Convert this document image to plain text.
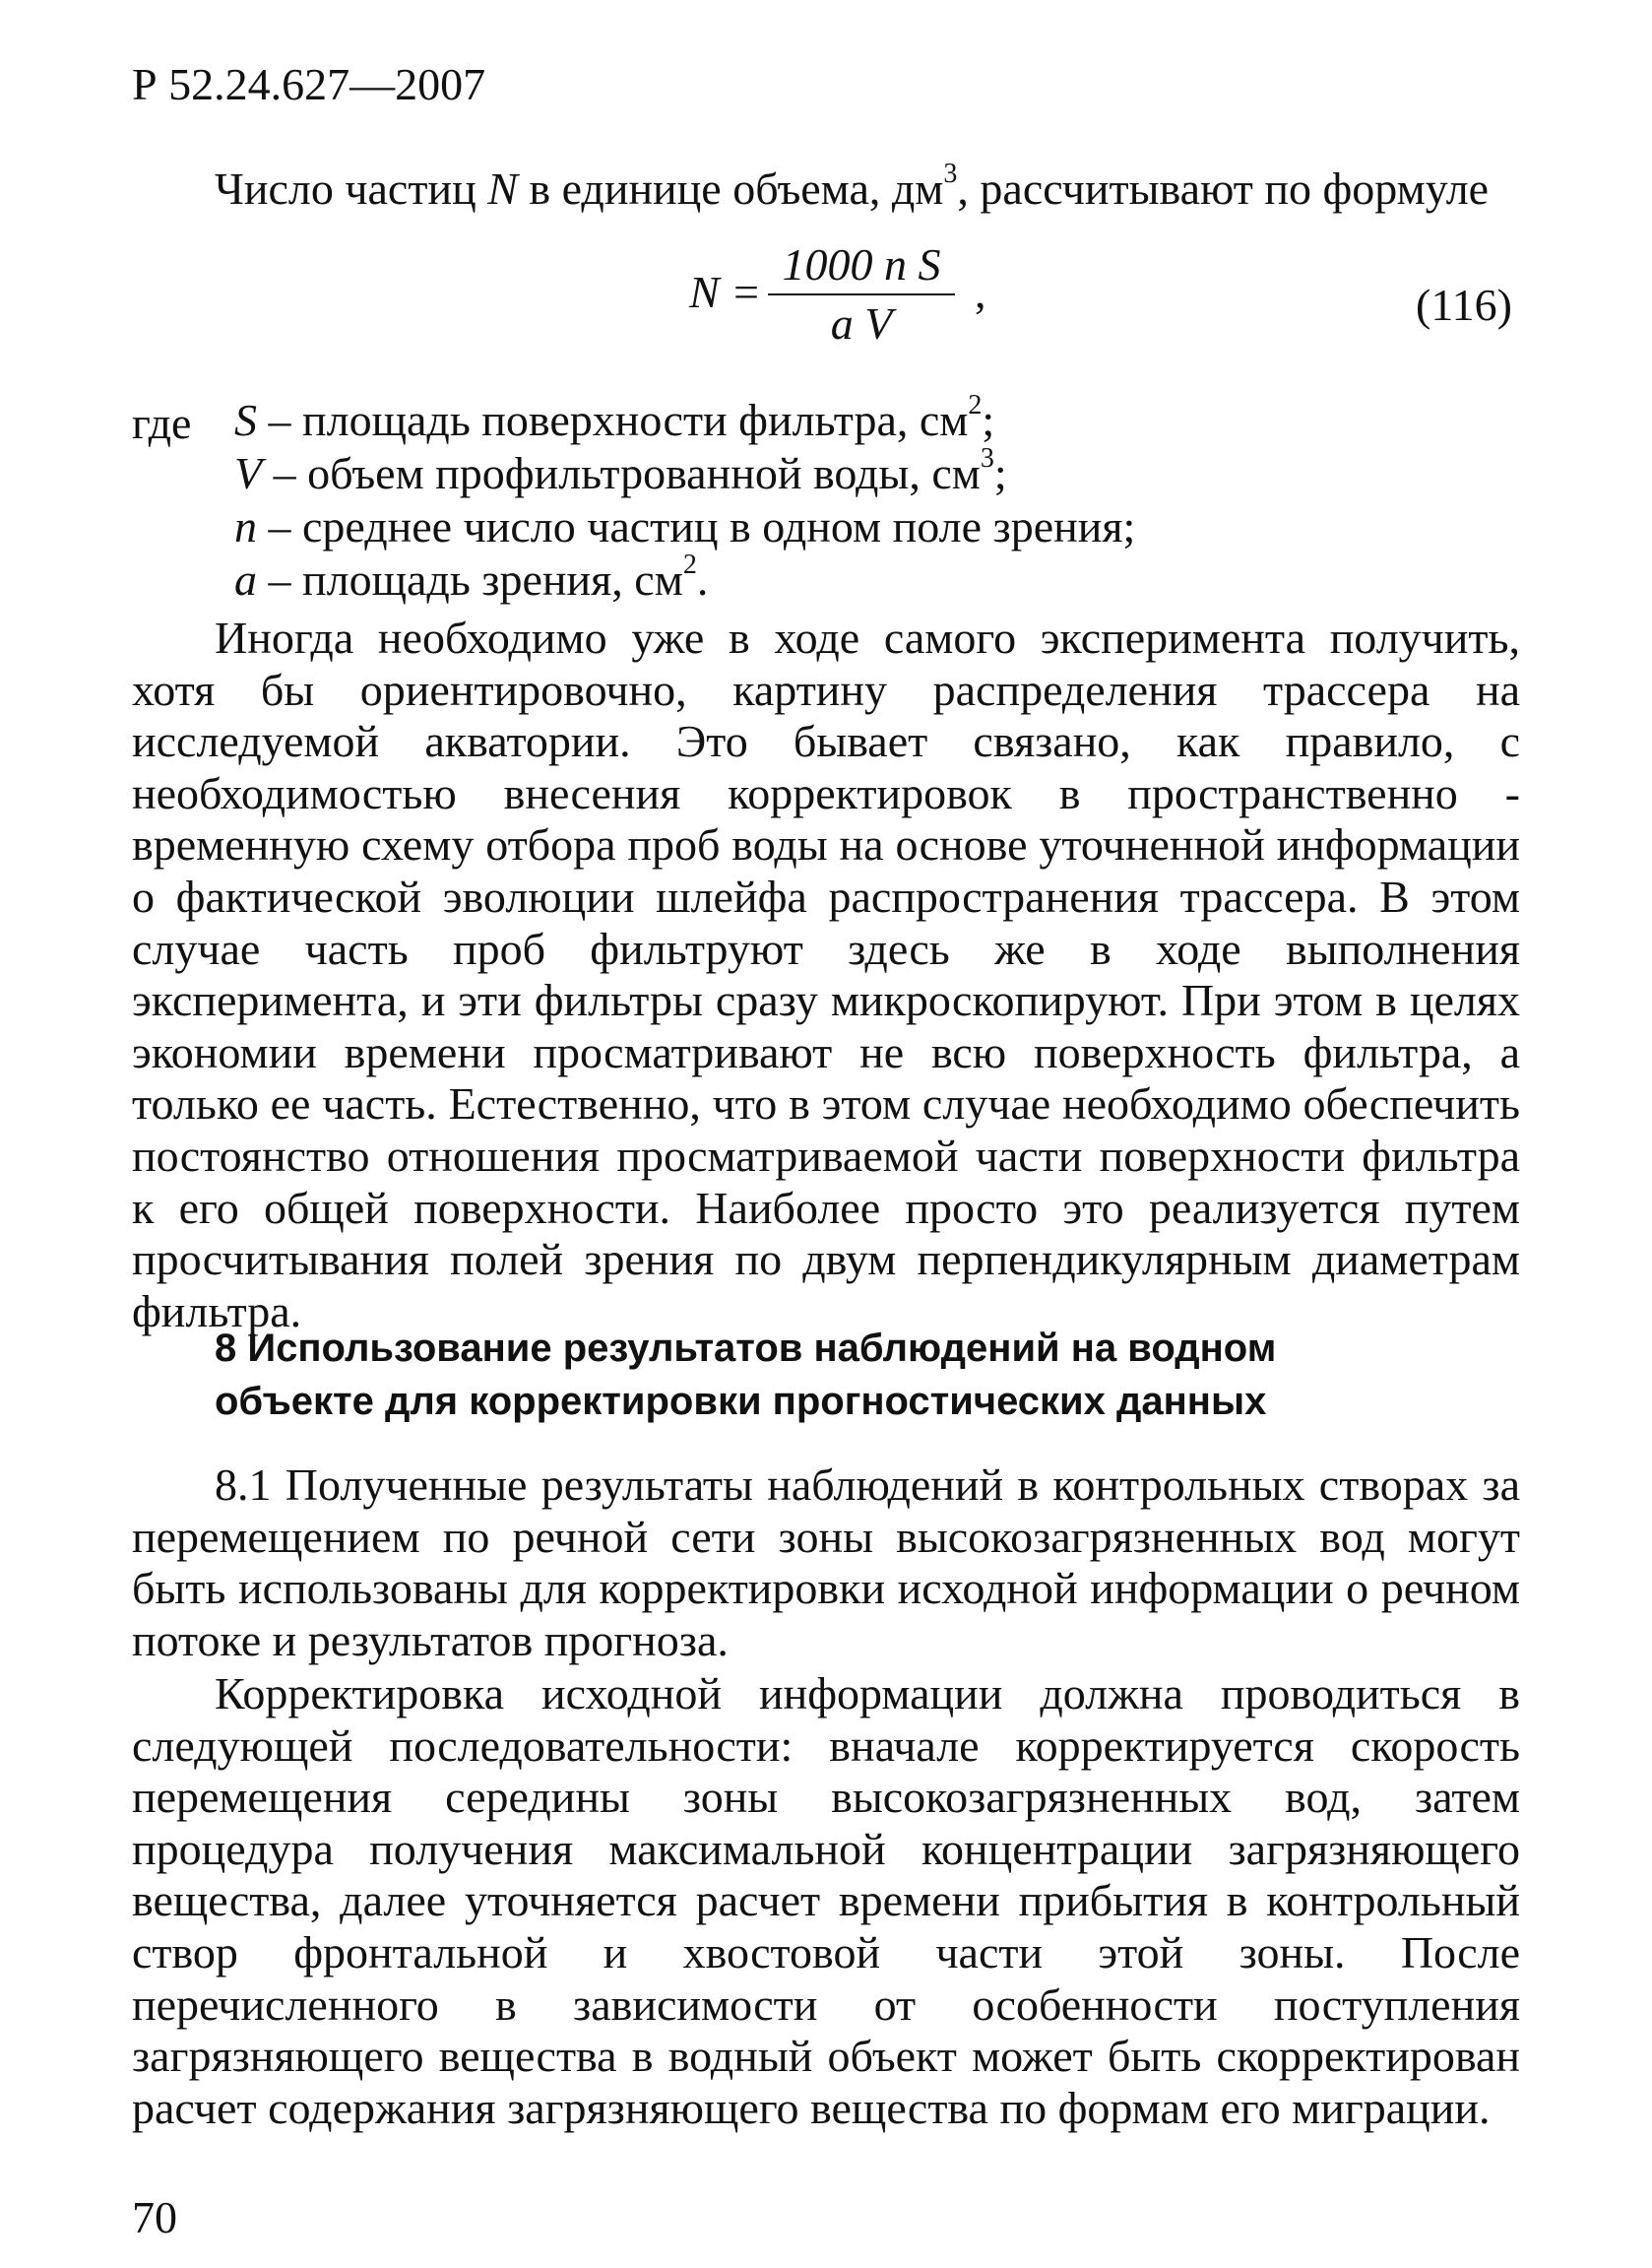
Р 52.24.627—2007
Число частиц N в единице объема, $дм^3$, рассчитывают по формуле
$N = \frac{\text{1000 n S}}{\text{a V}}$ ,	(116)
где S – площадь поверхности фильтра, $см^2$;
V – объем профильтрованной воды, $см^3$;
n – среднее число частиц в одном поле зрения;
a – площадь зрения, $см^2$.

Иногда необходимо уже в ходе самого эксперимента получить, хотя бы ориентировочно, картину распределения трассера на исследуемой акватории. Это бывает связано, как правило, с необходимостью внесения корректировок в пространственно - временную схему отбора проб воды на основе уточненной информации о фактической эволюции шлейфа распространения трассера. В этом случае часть проб фильтруют здесь же в ходе выполнения эксперимента, и эти фильтры сразу микроскопируют. При этом в целях экономии времени просматривают не всю поверхность фильтра, а только ее часть. Естественно, что в этом случае необходимо обеспечить постоянство отношения просматриваемой части поверхности фильтра к его общей поверхности. Наиболее просто это реализуется путем просчитывания полей зрения по двум перпендикулярным диаметрам фильтра.

8 Использование результатов наблюдений на водном
объекте для корректировки прогностических данных

8.1 Полученные результаты наблюдений в контрольных створах за перемещением по речной сети зоны высокозагрязненных вод могут быть использованы для корректировки исходной информации о речном потоке и результатов прогноза.

Корректировка исходной информации должна проводиться в следующей последовательности: вначале корректируется скорость перемещения середины зоны высокозагрязненных вод, затем процедура получения максимальной концентрации загрязняющего вещества, далее уточняется расчет времени прибытия в контрольный створ фронтальной и хвостовой части этой зоны. После перечисленного в зависимости от особенности поступления загрязняющего вещества в водный объект может быть скорректирован расчет содержания загрязняющего вещества по формам его миграции.

70
